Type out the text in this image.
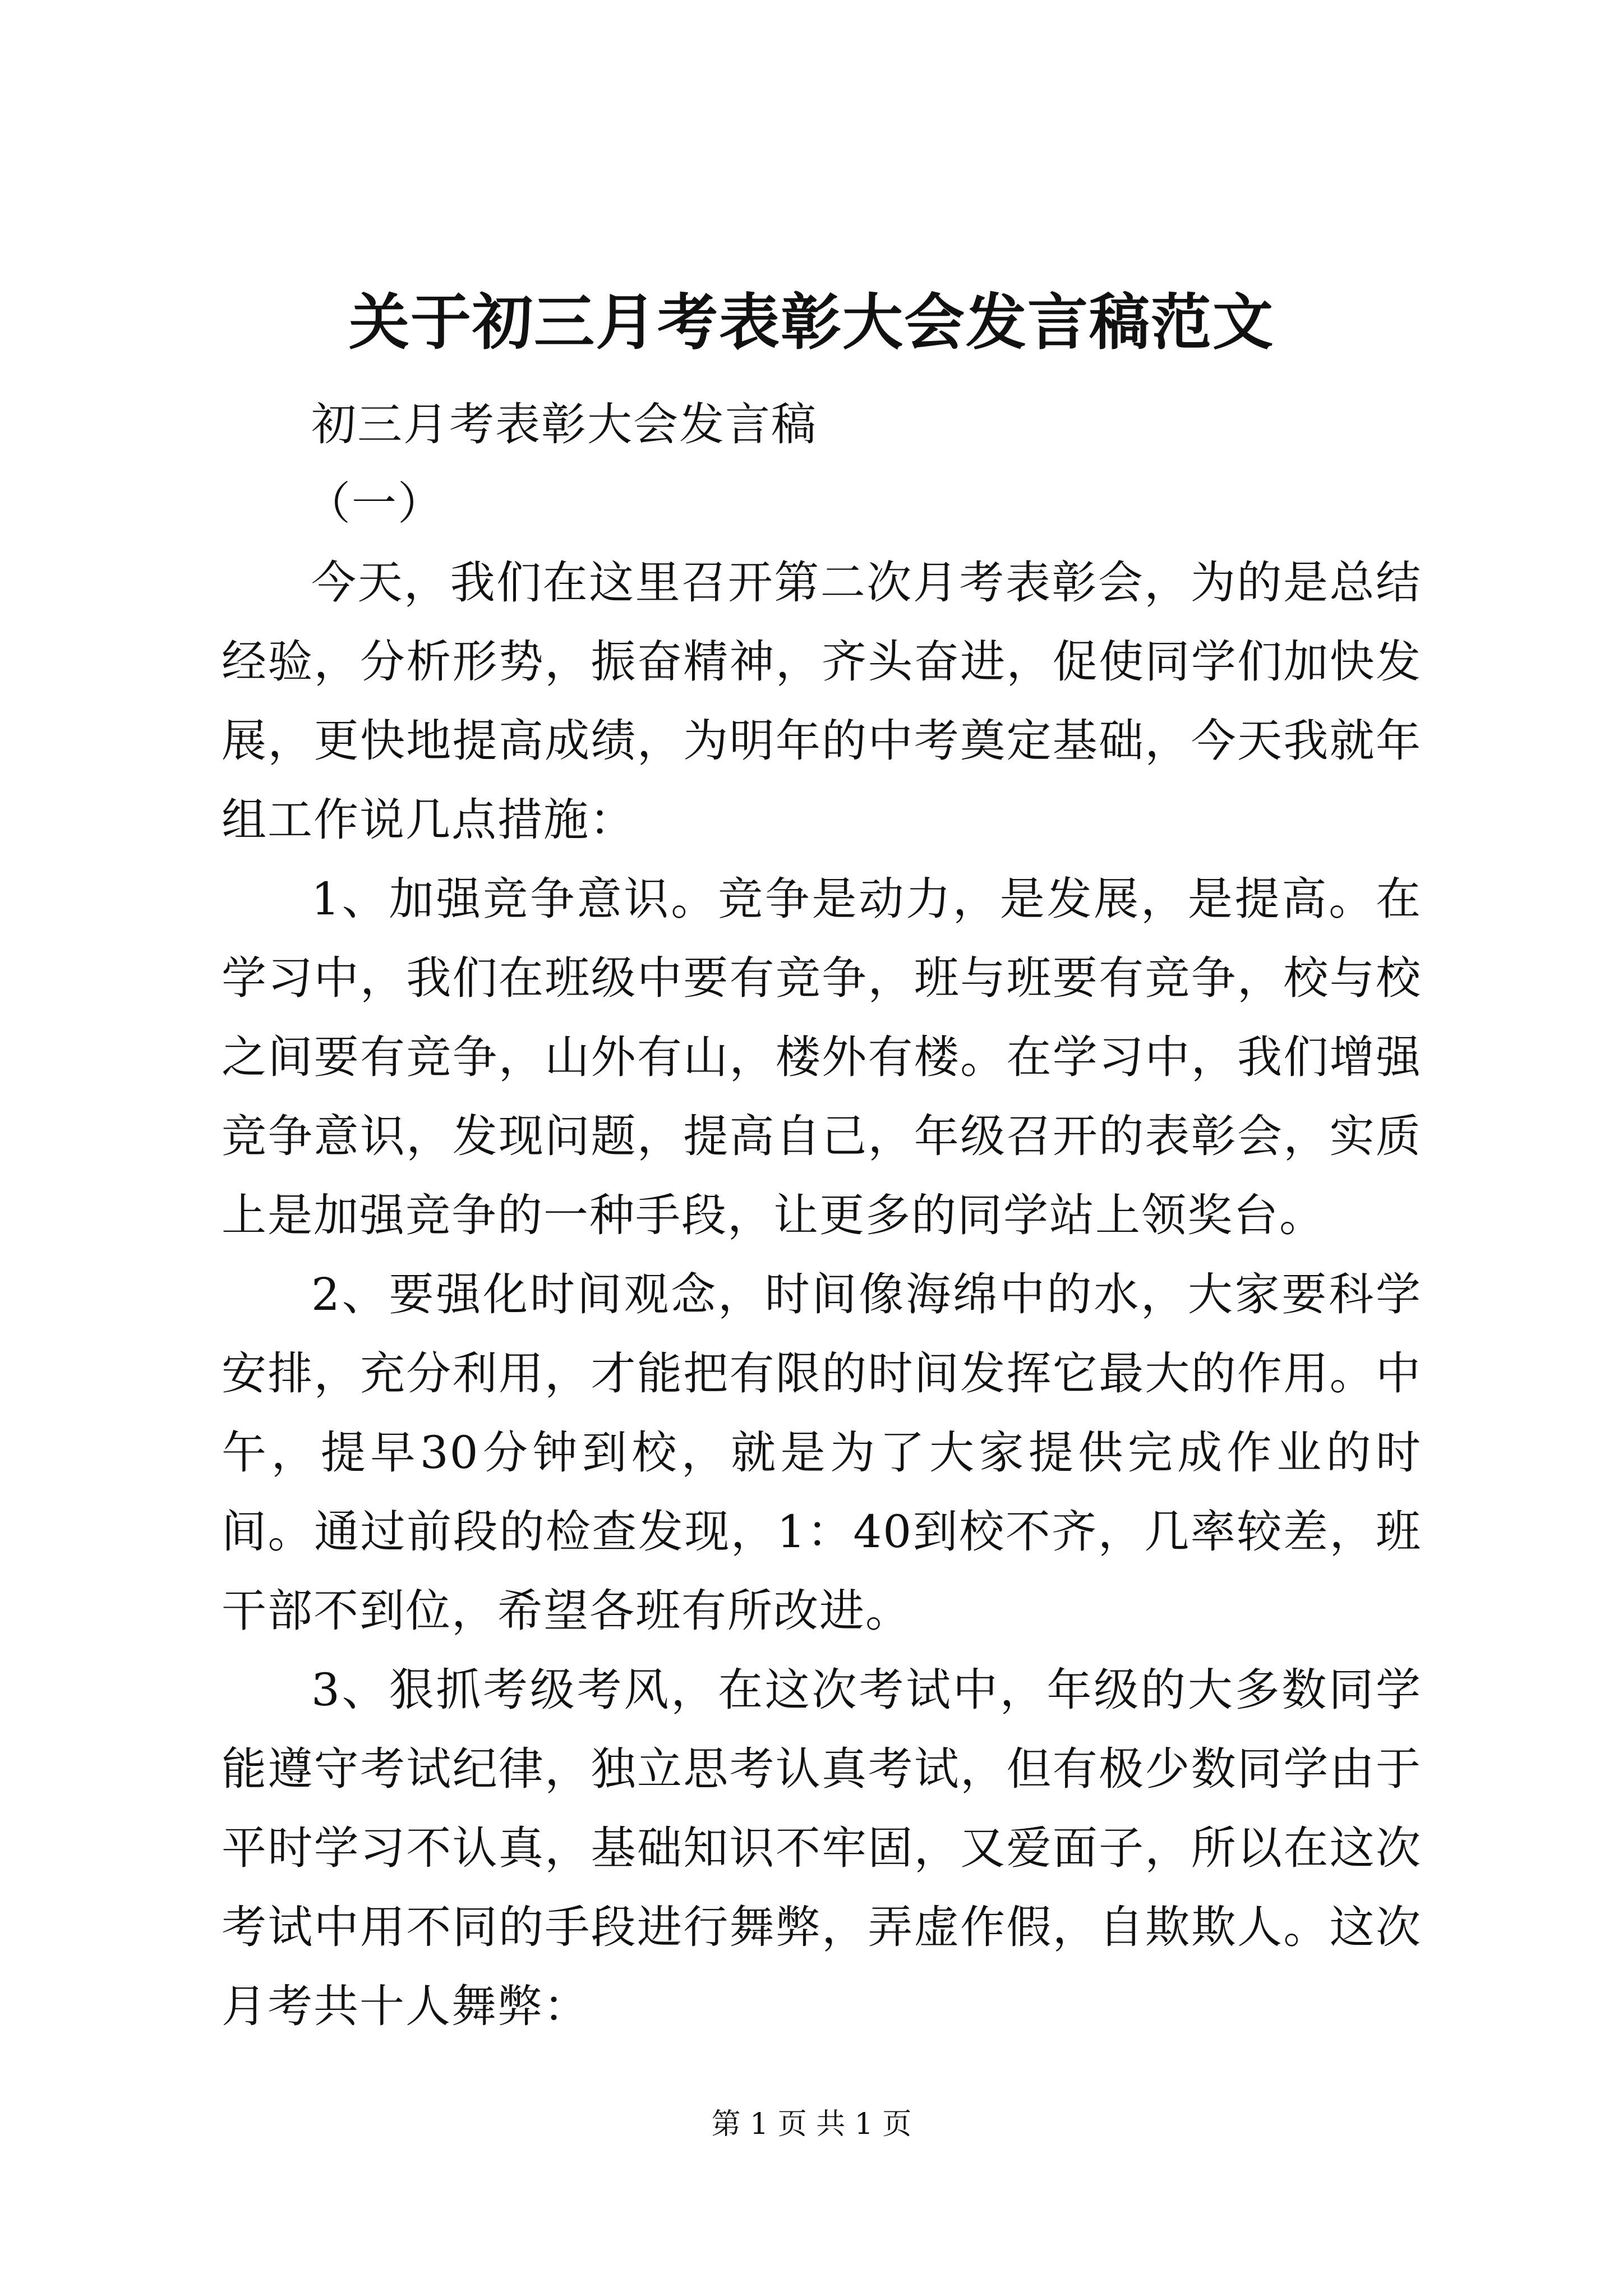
关于初三月考表彰大会发言稿范文

初三月考表彰大会发言稿

（一）

今天，我们在这里召开第二次月考表彰会，为的是总结经验，分析形势，振奋精神，齐头奋进，促使同学们加快发展，更快地提高成绩，为明年的中考奠定基础，今天我就年组工作说几点措施：

1、加强竞争意识。竞争是动力，是发展，是提高。在学习中，我们在班级中要有竞争，班与班要有竞争，校与校之间要有竞争，山外有山，楼外有楼。在学习中，我们增强竞争意识，发现问题，提高自己，年级召开的表彰会，实质上是加强竞争的一种手段，让更多的同学站上领奖台。

2、要强化时间观念，时间像海绵中的水，大家要科学安排，充分利用，才能把有限的时间发挥它最大的作用。中午，提早30分钟到校，就是为了大家提供完成作业的时间。通过前段的检查发现，1：40到校不齐，几率较差，班干部不到位，希望各班有所改进。

3、狠抓考级考风，在这次考试中，年级的大多数同学能遵守考试纪律，独立思考认真考试，但有极少数同学由于平时学习不认真，基础知识不牢固，又爱面子，所以在这次考试中用不同的手段进行舞弊，弄虚作假，自欺欺人。这次月考共十人舞弊：

第 1 页 共 1 页
